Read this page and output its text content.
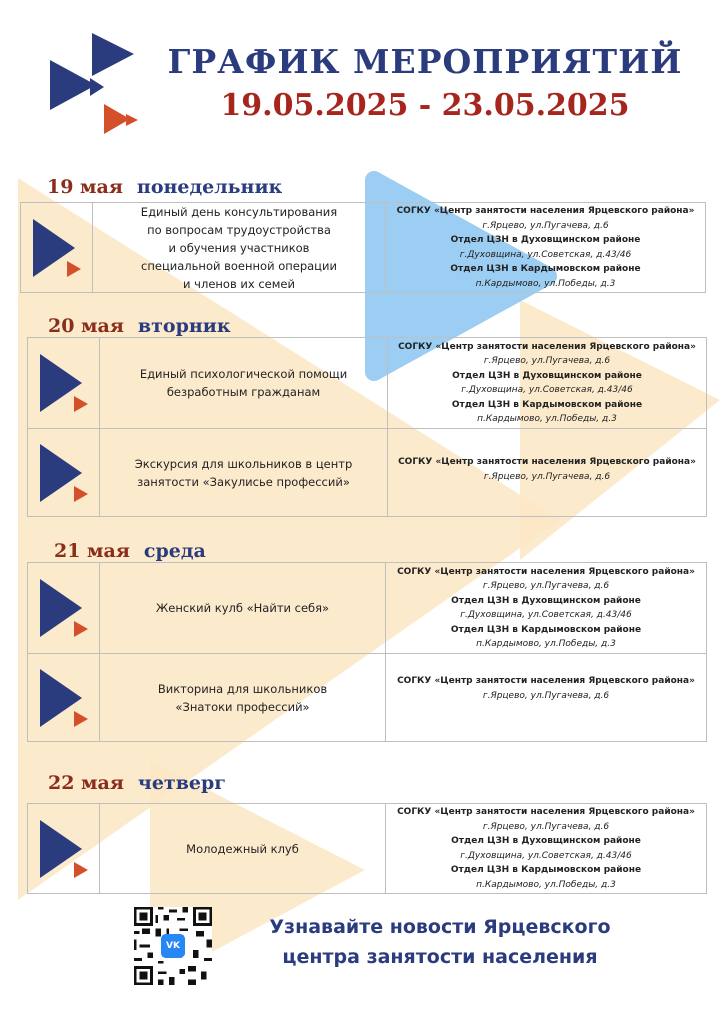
ГРАФИК МЕРОПРИЯТИЙ
19.05.2025 - 23.05.2025
19 мая понедельник
Единый день консультирования
по вопросам трудоустройства
и обучения участников
специальной военной операции
и членов их семей
СОГКУ «Центр занятости населения Ярцевского района»
г.Ярцево, ул.Пугачева, д.6
Отдел ЦЗН в Духовщинском районе
г.Духовщина, ул.Советская, д.43/46
Отдел ЦЗН в Кардымовском районе
п.Кардымово, ул.Победы, д.3
20 мая вторник
Единый психологической помощи
безработным гражданам
СОГКУ «Центр занятости населения Ярцевского района»
г.Ярцево, ул.Пугачева, д.6
Отдел ЦЗН в Духовщинском районе
г.Духовщина, ул.Советская, д.43/46
Отдел ЦЗН в Кардымовском районе
п.Кардымово, ул.Победы, д.3
Экскурсия для школьников в центр
занятости «Закулисье профессий»
СОГКУ «Центр занятости населения Ярцевского района»
г.Ярцево, ул.Пугачева, д.6
21 мая среда
Женский кулб «Найти себя»
СОГКУ «Центр занятости населения Ярцевского района»
г.Ярцево, ул.Пугачева, д.6
Отдел ЦЗН в Духовщинском районе
г.Духовщина, ул.Советская, д.43/46
Отдел ЦЗН в Кардымовском районе
п.Кардымово, ул.Победы, д.3
Викторина для школьников
«Знатоки профессий»
СОГКУ «Центр занятости населения Ярцевского района»
г.Ярцево, ул.Пугачева, д.6
22 мая четверг
Молодежный клуб
СОГКУ «Центр занятости населения Ярцевского района»
г.Ярцево, ул.Пугачева, д.6
Отдел ЦЗН в Духовщинском районе
г.Духовщина, ул.Советская, д.43/46
Отдел ЦЗН в Кардымовском районе
п.Кардымово, ул.Победы, д.3
VK
Узнавайте новости Ярцевского
центра занятости населения
